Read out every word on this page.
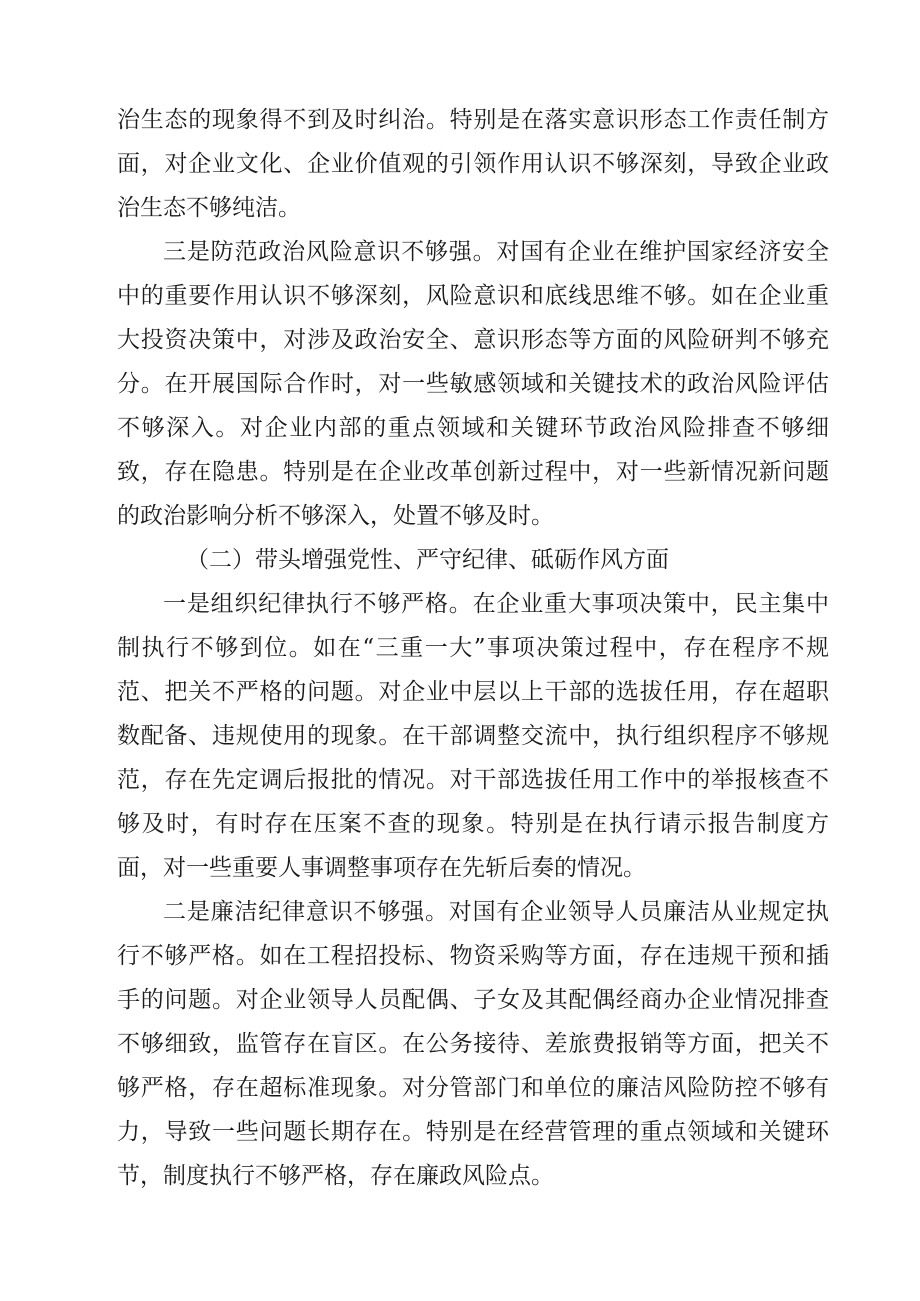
治生态的现象得不到及时纠治。特别是在落实意识形态工作责任制方面，对企业文化、企业价值观的引领作用认识不够深刻，导致企业政治生态不够纯洁。

三是防范政治风险意识不够强。对国有企业在维护国家经济安全中的重要作用认识不够深刻，风险意识和底线思维不够。如在企业重大投资决策中，对涉及政治安全、意识形态等方面的风险研判不够充分。在开展国际合作时，对一些敏感领域和关键技术的政治风险评估不够深入。对企业内部的重点领域和关键环节政治风险排查不够细致，存在隐患。特别是在企业改革创新过程中，对一些新情况新问题的政治影响分析不够深入，处置不够及时。

（二）带头增强党性、严守纪律、砥砺作风方面

一是组织纪律执行不够严格。在企业重大事项决策中，民主集中制执行不够到位。如在“三重一大”事项决策过程中，存在程序不规范、把关不严格的问题。对企业中层以上干部的选拔任用，存在超职数配备、违规使用的现象。在干部调整交流中，执行组织程序不够规范，存在先定调后报批的情况。对干部选拔任用工作中的举报核查不够及时，有时存在压案不查的现象。特别是在执行请示报告制度方面，对一些重要人事调整事项存在先斩后奏的情况。

二是廉洁纪律意识不够强。对国有企业领导人员廉洁从业规定执行不够严格。如在工程招投标、物资采购等方面，存在违规干预和插手的问题。对企业领导人员配偶、子女及其配偶经商办企业情况排查不够细致，监管存在盲区。在公务接待、差旅费报销等方面，把关不够严格，存在超标准现象。对分管部门和单位的廉洁风险防控不够有力，导致一些问题长期存在。特别是在经营管理的重点领域和关键环节，制度执行不够严格，存在廉政风险点。
